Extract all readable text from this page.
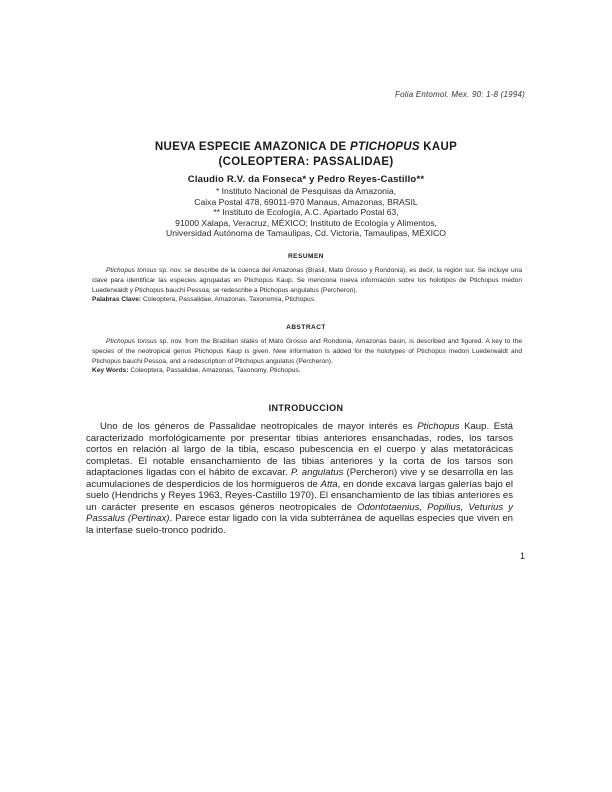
Folia Entomol. Mex. 90: 1-8 (1994)
NUEVA ESPECIE AMAZONICA DE PTICHOPUS KAUP
(COLEOPTERA: PASSALIDAE)
Claudio R.V. da Fonseca* y Pedro Reyes-Castillo**
* Instituto Nacional de Pesquisas da Amazonia,
Caixa Postal 478, 69011-970 Manaus, Amazonas, BRASIL
** Instituto de Ecología, A.C. Apartado Postal 63,
91000 Xalapa, Veracruz, MÉXICO; Instituto de Ecología y Alimentos,
Universidad Autónoma de Tamaulipas, Cd. Victoria, Tamaulipas, MÉXICO
RESUMEN

Ptichopus tonsus sp. nov. se describe de la cuenca del Amazonas (Brasil, Mato Grosso y Rondonia), es decir, la región sur. Se incluye una clave para identificar las especies agrupadas en Ptichopus Kaup. Se menciona nueva información sobre los holotipos de Ptichopus medon Luederwaldt y Ptichopus bauchi Pessoa; se redescribe a Ptichopus angulatus (Percheron).

Palabras Clave: Coleoptera, Passalidae, Amazonas, Taxonomía, Ptichopus.

ABSTRACT

Ptichopus tonsus sp. nov. from the Brazilian states of Mato Grosso and Rondonia, Amazonas basin, is described and figured. A key to the species of the neotropical genus Ptichopus Kaup is given. New information is added for the holotypes of Ptichopus medon Luederwaldt and Ptichopus bauchi Pessoa, and a redescription of Ptichopus angulatus (Percheron).

Key Words: Coleoptera, Passalidae, Amazonas, Taxonomy, Ptichopus.

INTRODUCCION

Uno de los géneros de Passalidae neotropicales de mayor interés es Ptichopus Kaup. Está caracterizado morfológicamente por presentar tibias anteriores ensanchadas, rodes, los tarsos cortos en relación al largo de la tibia, escaso pubescencia en el cuerpo y alas metatorácicas completas. El notable ensanchamiento de las tibias anteriores y la corta de los tarsos son adaptaciones ligadas con el hábito de excavar. P. angulatus (Percheron) vive y se desarrolla en las acumulaciones de desperdicios de los hormigueros de Atta, en donde excava largas galerías bajo el suelo (Hendrichs y Reyes 1963, Reyes-Castillo 1970). El ensanchamiento de las tibias anteriores es un carácter presente en escasos géneros neotropicales de Odontotaenius, Popilius, Veturius y Passalus (Pertinax). Parece estar ligado con la vida subterránea de aquellas especies que viven en la interfase suelo-tronco podrido.

1
